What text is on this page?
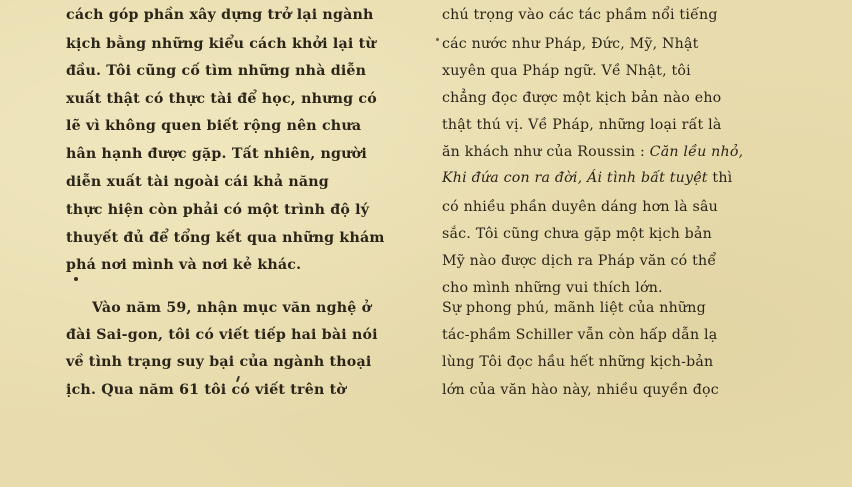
cách góp phần xây dựng trở lại ngành
kịch bằng những kiểu cách khởi lại từ
đầu. Tôi cũng cố tìm những nhà diễn
xuất thật có thực tài để học, nhưng có
lẽ vì không quen biết rộng nên chưa
hân hạnh được gặp. Tất nhiên, người
diễn xuất tài ngoài cái khả năng
thực hiện còn phải có một trình độ lý
thuyết đủ để tổng kết qua những khám
phá nơi mình và nơi kẻ khác.
Vào năm 59, nhận mục văn nghệ ở
đài Sai-gon, tôi có viết tiếp hai bài nói
về tình trạng suy bại của ngành thoại
ịch. Qua năm 61 tôi có viết trên tờ
chú trọng vào các tác phầm nổi tiếng
các nước như Pháp, Đức, Mỹ, Nhật
xuyên qua Pháp ngữ. Về Nhật, tôi
chẳng đọc được một kịch bản nào eho
thật thú vị. Về Pháp, những loại rất là
ăn khách như của Roussin : Căn lều nhỏ,
Khi đứa con ra đời, Ái tình bất tuyệt thì
có nhiều phần duyên dáng hơn là sâu
sắc. Tôi cũng chưa gặp một kịch bản
Mỹ nào được dịch ra Pháp văn có thể
cho mình những vui thích lớn.
Sự phong phú, mãnh liệt của những
tác-phầm Schiller vẫn còn hấp dẫn lạ
lùng Tôi đọc hầu hết những kịch-bản
lớn của văn hào này, nhiều quyền đọc
